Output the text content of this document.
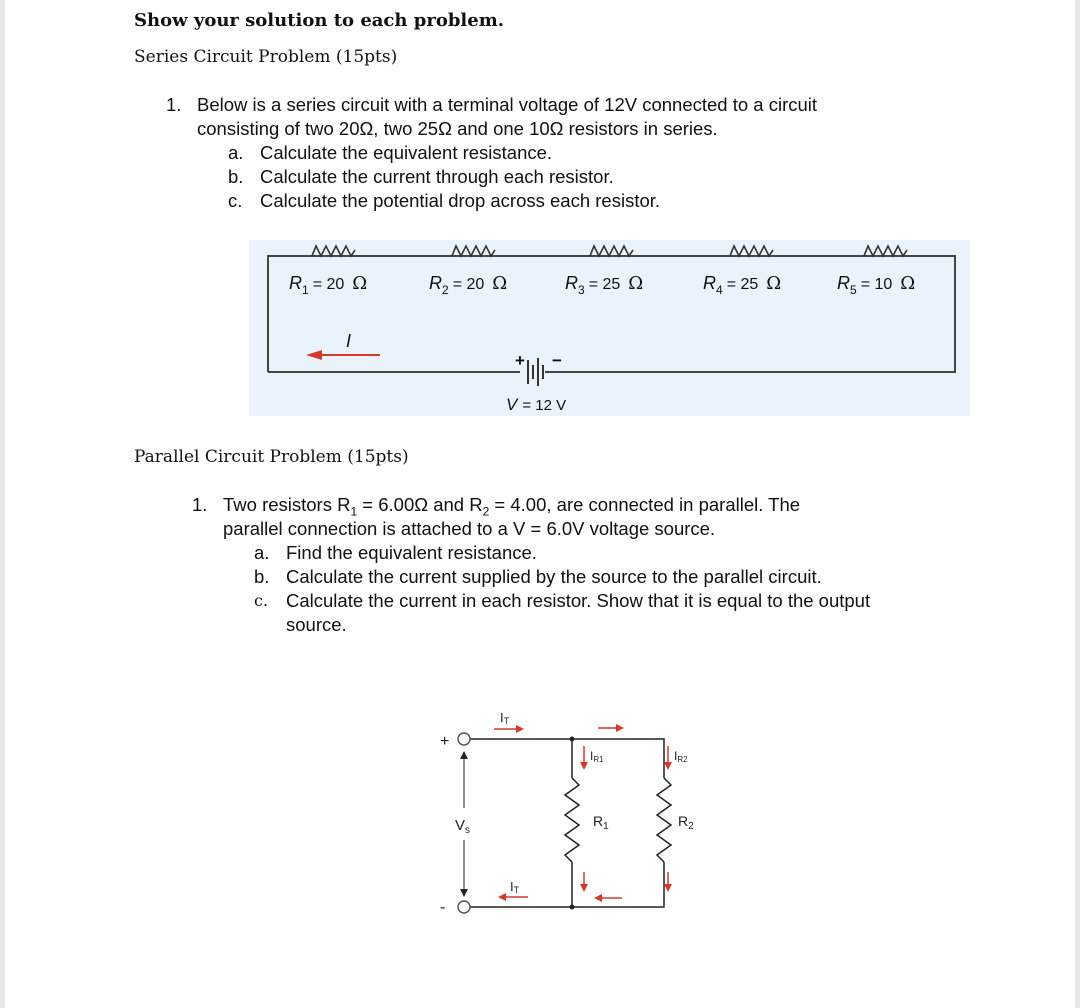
Show your solution to each problem.
Series Circuit Problem (15pts)
1. Below is a series circuit with a terminal voltage of 12V connected to a circuit
consisting of two 20Ω, two 25Ω and one 10Ω resistors in series.
a. Calculate the equivalent resistance.
b. Calculate the current through each resistor.
c. Calculate the potential drop across each resistor.
$R_1 = 20$ Ω	$R_2 = 20$ Ω	$R_3 = 25$ Ω	$R_4 = 25$ Ω	$R_5 = 10$ Ω
I
+ −
V = 12 V
Parallel Circuit Problem (15pts)
1. Two resistors $R_1 = 6.00\Omega$ and $R_2 = 4.00$, are connected in parallel. The
parallel connection is attached to a V = 6.0V voltage source.
a. Find the equivalent resistance.
b. Calculate the current supplied by the source to the parallel circuit.
c. Calculate the current in each resistor. Show that it is equal to the output
source.
+
-
$V_s$
IT
IT
IR1	IR2
$R_1$	$R_2$
